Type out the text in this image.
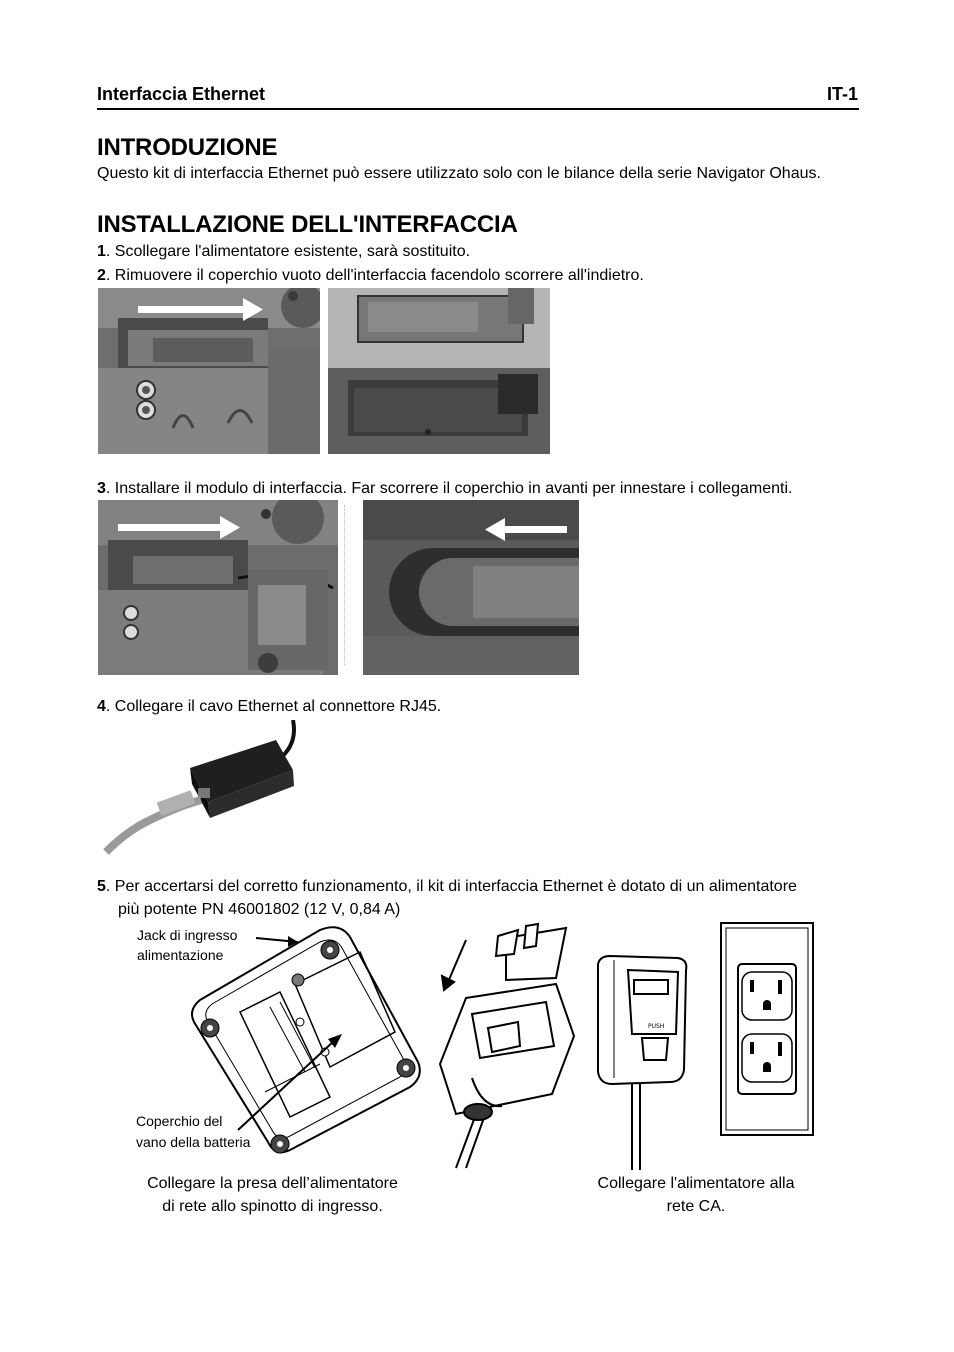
Interfaccia Ethernet	IT-1
INTRODUZIONE
Questo kit di interfaccia Ethernet può essere utilizzato solo con le bilance della serie Navigator Ohaus.
INSTALLAZIONE DELL'INTERFACCIA
1. Scollegare l'alimentatore esistente, sarà sostituito.
2. Rimuovere il coperchio vuoto dell'interfaccia facendolo scorrere all'indietro.
3. Installare il modulo di interfaccia. Far scorrere il coperchio in avanti per innestare i collegamenti.
4. Collegare il cavo Ethernet al connettore RJ45.
5. Per accertarsi del corretto funzionamento, il kit di interfaccia Ethernet è dotato di un alimentatore
più potente PN 46001802 (12 V, 0,84 A)
Jack di ingresso
alimentazione
Coperchio del
vano della batteria
PUSH
Collegare la presa dell’alimentatore
di rete allo spinotto di ingresso.
Collegare l'alimentatore alla
rete CA.
